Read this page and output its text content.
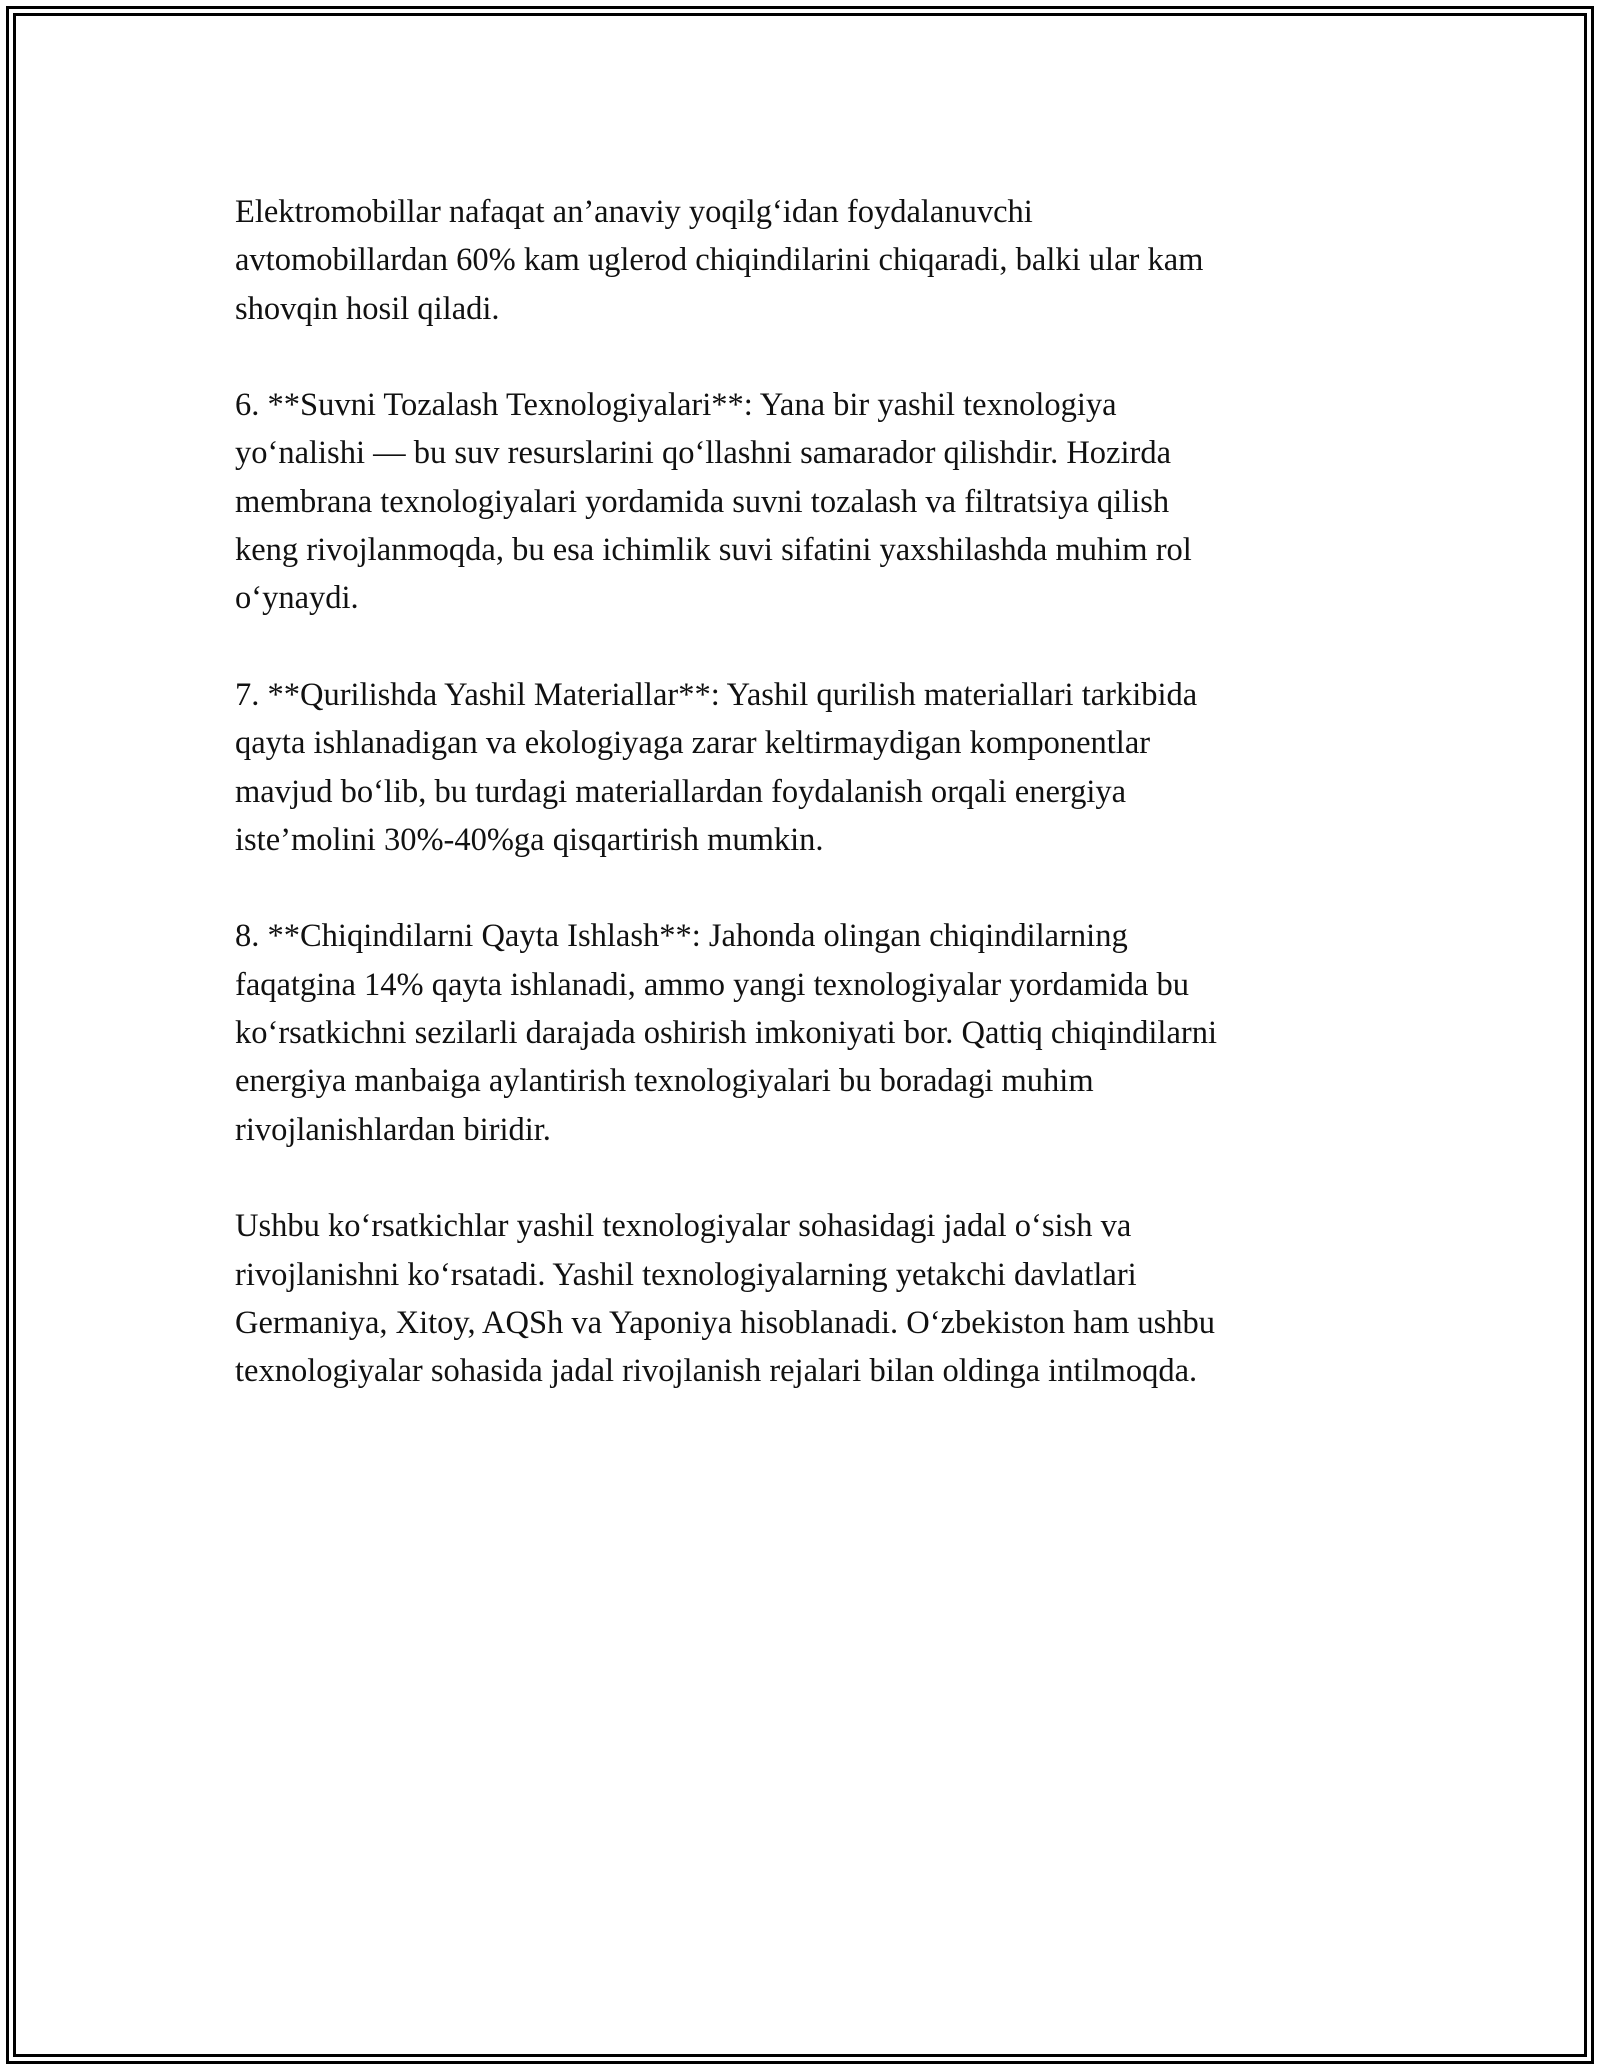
Elektromobillar nafaqat an’anaviy yoqilg‘idan foydalanuvchi
avtomobillardan 60% kam uglerod chiqindilarini chiqaradi, balki ular kam
shovqin hosil qiladi.

6. **Suvni Tozalash Texnologiyalari**: Yana bir yashil texnologiya
yo‘nalishi — bu suv resurslarini qo‘llashni samarador qilishdir. Hozirda
membrana texnologiyalari yordamida suvni tozalash va filtratsiya qilish
keng rivojlanmoqda, bu esa ichimlik suvi sifatini yaxshilashda muhim rol
o‘ynaydi.

7. **Qurilishda Yashil Materiallar**: Yashil qurilish materiallari tarkibida
qayta ishlanadigan va ekologiyaga zarar keltirmaydigan komponentlar
mavjud bo‘lib, bu turdagi materiallardan foydalanish orqali energiya
iste’molini 30%-40%ga qisqartirish mumkin.

8. **Chiqindilarni Qayta Ishlash**: Jahonda olingan chiqindilarning
faqatgina 14% qayta ishlanadi, ammo yangi texnologiyalar yordamida bu
ko‘rsatkichni sezilarli darajada oshirish imkoniyati bor. Qattiq chiqindilarni
energiya manbaiga aylantirish texnologiyalari bu boradagi muhim
rivojlanishlardan biridir.

Ushbu ko‘rsatkichlar yashil texnologiyalar sohasidagi jadal o‘sish va
rivojlanishni ko‘rsatadi. Yashil texnologiyalarning yetakchi davlatlari
Germaniya, Xitoy, AQSh va Yaponiya hisoblanadi. O‘zbekiston ham ushbu
texnologiyalar sohasida jadal rivojlanish rejalari bilan oldinga intilmoqda.
